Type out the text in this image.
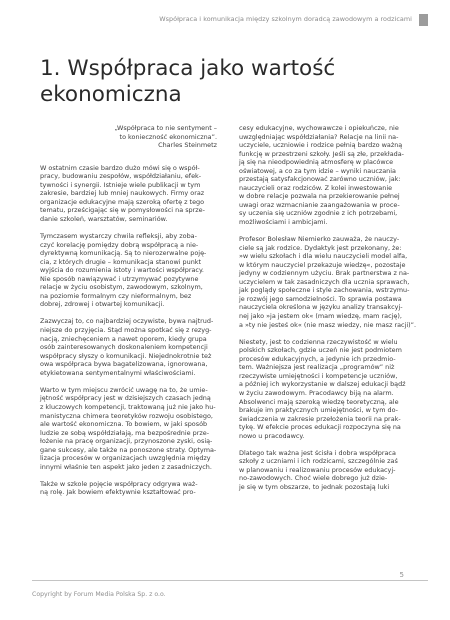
Współpraca i komunikacja między szkolnym doradcą zawodowym a rodzicami
1. Współpraca jako wartość
ekonomiczna
„Współpraca to nie sentyment –
to konieczność ekonomiczna”.
Charles Steinmetz
W ostatnim czasie bardzo dużo mówi się o współ-
pracy, budowaniu zespołów, współdziałaniu, efek-
tywności i synergii. Istnieje wiele publikacji w tym
zakresie, bardziej lub mniej naukowych. Firmy oraz
organizacje edukacyjne mają szeroką ofertę z tego
tematu, prześcigając się w pomysłowości na sprze-
danie szkoleń, warsztatów, seminariów.
Tymczasem wystarczy chwila refleksji, aby zoba-
czyć korelację pomiędzy dobrą współpracą a nie-
dyrektywną komunikacją. Są to nierozerwalne poję-
cia, z których drugie – komunikacja stanowi punkt
wyjścia do rozumienia istoty i wartości współpracy.
Nie sposób nawiązywać i utrzymywać pozytywne
relacje w życiu osobistym, zawodowym, szkolnym,
na poziomie formalnym czy nieformalnym, bez
dobrej, zdrowej i otwartej komunikacji.
Zazwyczaj to, co najbardziej oczywiste, bywa najtrud-
niejsze do przyjęcia. Stąd można spotkać się z rezyg-
nacją, zniechęceniem a nawet oporem, kiedy grupa
osób zainteresowanych doskonaleniem kompetencji
współpracy słyszy o komunikacji. Niejednokrotnie też
owa współpraca bywa bagatelizowana, ignorowana,
etykietowana sentymentalnymi właściwościami.
Warto w tym miejscu zwrócić uwagę na to, że umie-
jętność współpracy jest w dzisiejszych czasach jedną
z kluczowych kompetencji, traktowaną już nie jako hu-
manistyczna chimera teoretyków rozwoju osobistego,
ale wartość ekonomiczna. To bowiem, w jaki sposób
ludzie ze sobą współdziałają, ma bezpośrednie prze-
łożenie na pracę organizacji, przynoszone zyski, osią-
gane sukcesy, ale także na ponoszone straty. Optyma-
lizacja procesów w organizacjach uwzględnia między
innymi właśnie ten aspekt jako jeden z zasadniczych.
Także w szkole pojęcie współpracy odgrywa waż-
ną rolę. Jak bowiem efektywnie kształtować pro-
cesy edukacyjne, wychowawcze i opiekuńcze, nie
uwzględniając współdziałania? Relacje na linii na-
uczyciele, uczniowie i rodzice pełnią bardzo ważną
funkcję w przestrzeni szkoły. Jeśli są złe, przekłada-
ją się na nieodpowiednią atmosferę w placówce
oświatowej, a co za tym idzie – wyniki nauczania
przestają satysfakcjonować zarówno uczniów, jak:
nauczycieli oraz rodziców. Z kolei inwestowanie
w dobre relacje pozwala na przekierowanie pełnej
uwagi oraz wzmacnianie zaangażowania w proce-
sy uczenia się uczniów zgodnie z ich potrzebami,
możliwościami i ambicjami.
Profesor Bolesław Niemierko zauważa, że nauczy-
ciele są jak rodzice. Dydaktyk jest przekonany, że:
»w wielu szkołach i dla wielu nauczycieli model alfa,
w którym nauczyciel przekazuje wiedzę«, pozostaje
jedyny w codziennym użyciu. Brak partnerstwa z na-
uczycielem w tak zasadniczych dla ucznia sprawach,
jak poglądy społeczne i style zachowania, wstrzymu-
je rozwój jego samodzielności. To sprawia postawa
nauczyciela określona w języku analizy transakcyj-
nej jako »ja jestem ok« (mam wiedzę, mam rację),
a »ty nie jesteś ok« (nie masz wiedzy, nie masz racji)”.
Niestety, jest to codzienna rzeczywistość w wielu
polskich szkołach, gdzie uczeń nie jest podmiotem
procesów edukacyjnych, a jedynie ich przedmio-
tem. Ważniejsza jest realizacja „programów” niż
rzeczywiste umiejętności i kompetencje uczniów,
a później ich wykorzystanie w dalszej edukacji bądź
w życiu zawodowym. Pracodawcy biją na alarm.
Absolwenci mają szeroką wiedzę teoretyczną, ale
brakuje im praktycznych umiejętności, w tym do-
świadczenia w zakresie przełożenia teorii na prak-
tykę. W efekcie proces edukacji rozpoczyna się na
nowo u pracodawcy.
Dlatego tak ważna jest ścisła i dobra współpraca
szkoły z uczniami i ich rodzicami, szczególnie zaś
w planowaniu i realizowaniu procesów edukacyj-
no-zawodowych. Choć wiele dobrego już dzie-
je się w tym obszarze, to jednak pozostają luki
5
Copyright by Forum Media Polska Sp. z o.o.
